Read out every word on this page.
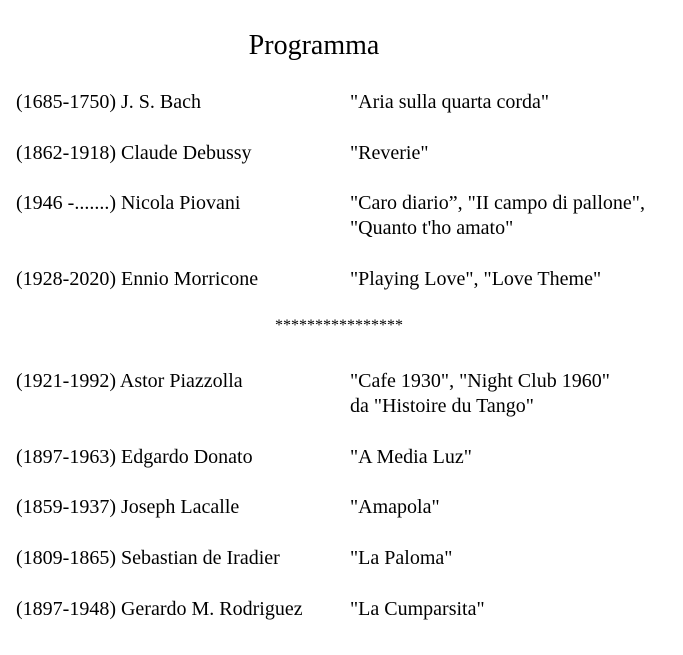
Programma
(1685-1750) J. S. Bach	"Aria sulla quarta corda"
(1862-1918) Claude Debussy	"Reverie"
(1946 -.......) Nicola Piovani	"Caro diario”, "II campo di pallone",
"Quanto t'ho amato"
(1928-2020) Ennio Morricone	"Playing Love", "Love Theme"
****************
(1921-1992) Astor Piazzolla	"Cafe 1930", "Night Club 1960"
da "Histoire du Tango"
(1897-1963) Edgardo Donato	"A Media Luz"
(1859-1937) Joseph Lacalle	"Amapola"
(1809-1865) Sebastian de Iradier	"La Paloma"
(1897-1948) Gerardo M. Rodriguez "La Cumparsita"
